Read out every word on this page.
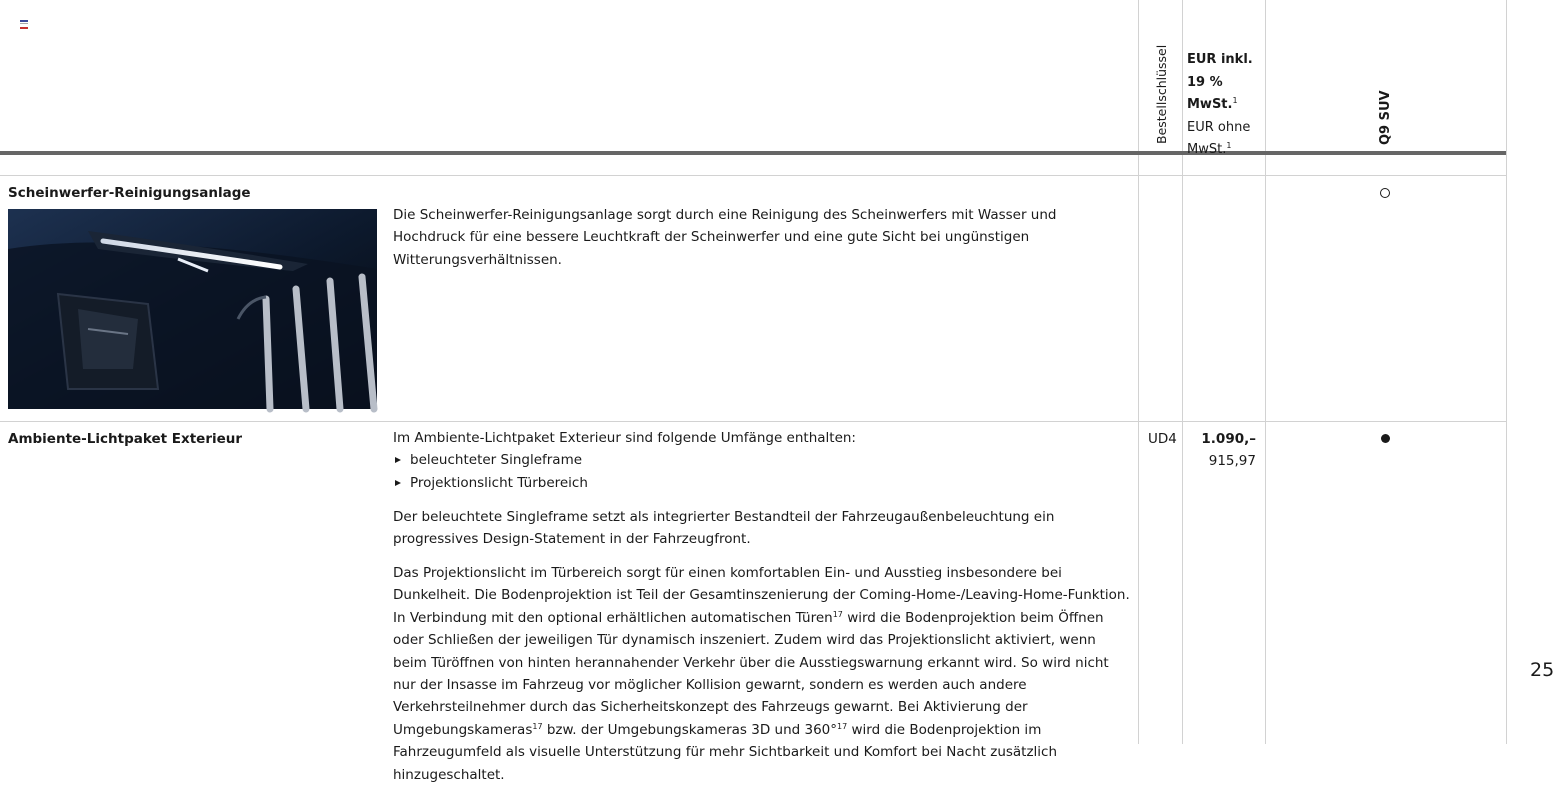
Bestellschlüssel EUR inkl.
19 % MwSt.$^1$
EUR ohne
MwSt.$^1$
Q9 SUV
Scheinwerfer-Reinigungsanlage
Die Scheinwerfer-Reinigungsanlage sorgt durch eine Reinigung des Scheinwerfers mit Wasser und Hochdruck für eine bessere Leuchtkraft der Scheinwerfer und eine gute Sicht bei ungünstigen Witterungsverhältnissen.
Ambiente-Lichtpaket Exterieur	Im Ambiente-Lichtpaket Exterieur sind folgende Umfänge enthalten:
beleuchteter Singleframe
Projektionslicht Türbereich

Der beleuchtete Singleframe setzt als integrierter Bestandteil der Fahrzeugaußenbeleuchtung ein progressives Design-Statement in der Fahrzeugfront.

Das Projektionslicht im Türbereich sorgt für einen komfortablen Ein- und Ausstieg insbesondere bei Dunkelheit. Die Bodenprojektion ist Teil der Gesamtinszenierung der Coming-Home-/Leaving-Home-Funktion. In Verbindung mit den optional erhältlichen automatischen Türen$^{17}$ wird die Bodenprojektion beim Öffnen oder Schließen der jeweiligen Tür dynamisch inszeniert. Zudem wird das Projektionslicht aktiviert, wenn beim Türöffnen von hinten herannahender Verkehr über die Ausstiegswarnung erkannt wird. So wird nicht nur der Insasse im Fahrzeug vor möglicher Kollision gewarnt, sondern es werden auch andere Verkehrsteilnehmer durch das Sicherheitskonzept des Fahrzeugs gewarnt. Bei Aktivierung der Umgebungskameras$^{17}$ bzw. der Umgebungskameras 3D und 360°$^{17}$ wird die Bodenprojektion im Fahrzeugumfeld als visuelle Unterstützung für mehr Sichtbarkeit und Komfort bei Nacht zusätzlich hinzugeschaltet.

UD4	1.090,–
915,97
25
